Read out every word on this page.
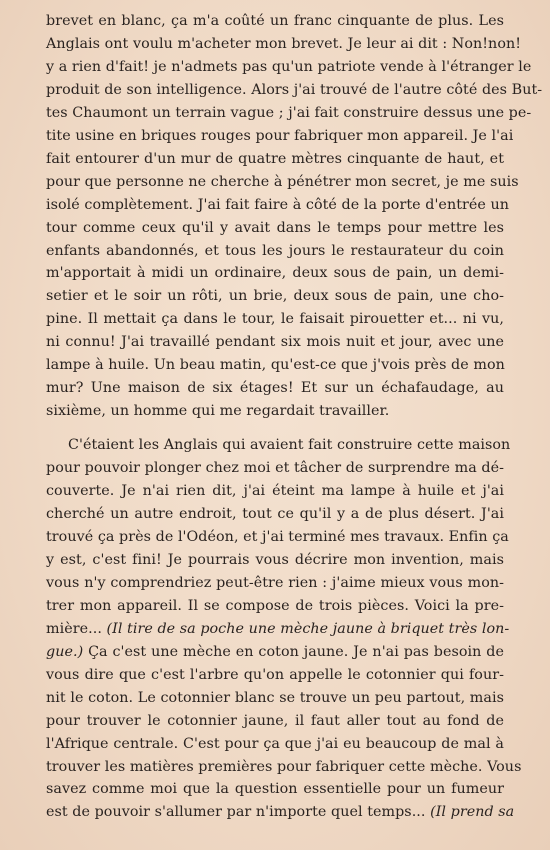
brevet en blanc, ça m'a coûté un franc cinquante de plus. Les
Anglais ont voulu m'acheter mon brevet. Je leur ai dit : Non!non!
y a rien d'fait! je n'admets pas qu'un patriote vende à l'étranger le
produit de son intelligence. Alors j'ai trouvé de l'autre côté des But-
tes Chaumont un terrain vague ; j'ai fait construire dessus une pe-
tite usine en briques rouges pour fabriquer mon appareil. Je l'ai
fait entourer d'un mur de quatre mètres cinquante de haut, et
pour que personne ne cherche à pénétrer mon secret, je me suis
isolé complètement. J'ai fait faire à côté de la porte d'entrée un
tour comme ceux qu'il y avait dans le temps pour mettre les
enfants abandonnés, et tous les jours le restaurateur du coin
m'apportait à midi un ordinaire, deux sous de pain, un demi-
setier et le soir un rôti, un brie, deux sous de pain, une cho-
pine. Il mettait ça dans le tour, le faisait pirouetter et... ni vu,
ni connu! J'ai travaillé pendant six mois nuit et jour, avec une
lampe à huile. Un beau matin, qu'est-ce que j'vois près de mon
mur? Une maison de six étages! Et sur un échafaudage, au
sixième, un homme qui me regardait travailler.
C'étaient les Anglais qui avaient fait construire cette maison
pour pouvoir plonger chez moi et tâcher de surprendre ma dé-
couverte. Je n'ai rien dit, j'ai éteint ma lampe à huile et j'ai
cherché un autre endroit, tout ce qu'il y a de plus désert. J'ai
trouvé ça près de l'Odéon, et j'ai terminé mes travaux. Enfin ça
y est, c'est fini! Je pourrais vous décrire mon invention, mais
vous n'y comprendriez peut-être rien : j'aime mieux vous mon-
trer mon appareil. Il se compose de trois pièces. Voici la pre-
mière... (Il tire de sa poche une mèche jaune à briquet très lon-
gue.) Ça c'est une mèche en coton jaune. Je n'ai pas besoin de
vous dire que c'est l'arbre qu'on appelle le cotonnier qui four-
nit le coton. Le cotonnier blanc se trouve un peu partout, mais
pour trouver le cotonnier jaune, il faut aller tout au fond de
l'Afrique centrale. C'est pour ça que j'ai eu beaucoup de mal à
trouver les matières premières pour fabriquer cette mèche. Vous
savez comme moi que la question essentielle pour un fumeur
est de pouvoir s'allumer par n'importe quel temps... (Il prend sa
